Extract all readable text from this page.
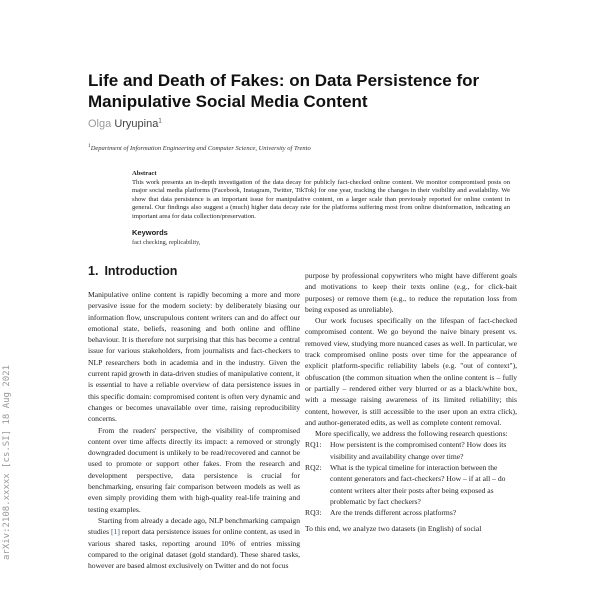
arXiv:2108.xxxxx [cs.SI] 18 Aug 2021
Life and Death of Fakes: on Data Persistence for Manipulative Social Media Content

Olga Uryupina$^1$

$^1$Department of Information Engineering and Computer Science, University of Trento

Abstract
This work presents an in-depth investigation of the data decay for publicly fact-checked online content. We monitor compromised posts on major social media platforms (Facebook, Instagram, Twitter, TikTok) for one year, tracking the changes in their visibility and availability. We show that data persistence is an important issue for manipulative content, on a larger scale than previously reported for online content in general. Our findings also suggest a (much) higher data decay rate for the platforms suffering most from online disinformation, indicating an important area for data collection/preservation.

Keywords

fact checking, replicability,

1. Introduction

Manipulative online content is rapidly becoming a more and more pervasive issue for the modern society: by deliberately biasing our information flow, unscrupulous content writers can and do affect our emotional state, beliefs, reasoning and both online and offline behaviour. It is therefore not surprising that this has become a central issue for various stakeholders, from journalists and fact-checkers to NLP researchers both in academia and in the industry. Given the current rapid growth in data-driven studies of manipulative content, it is essential to have a reliable overview of data persistence issues in this specific domain: compromised content is often very dynamic and changes or becomes unavailable over time, raising reproducibility concerns.

From the readers' perspective, the visibility of compromised content over time affects directly its impact: a removed or strongly downgraded document is unlikely to be read/recovered and cannot be used to promote or support other fakes. From the research and development perspective, data persistence is crucial for benchmarking, ensuring fair comparison between models as well as even simply providing them with high-quality real-life training and testing examples.

Starting from already a decade ago, NLP benchmarking campaign studies [1] report data persistence issues for online content, as used in various shared tasks, reporting around 10% of entries missing compared to the original dataset (gold standard). These shared tasks, however are based almost exclusively on Twitter and do not focus

purpose by professional copywriters who might have different goals and motivations to keep their texts online (e.g., for click-bait purposes) or remove them (e.g., to reduce the reputation loss from being exposed as unreliable).

Our work focuses specifically on the lifespan of fact-checked compromised content. We go beyond the naive binary present vs. removed view, studying more nuanced cases as well. In particular, we track compromised online posts over time for the appearance of explicit platform-specific reliability labels (e.g. "out of context"), obfuscation (the common situation when the online content is – fully or partially – rendered either very blurred or as a black/white box, with a message raising awareness of its limited reliability; this content, however, is still accessible to the user upon an extra click), and author-generated edits, as well as complete content removal.

More specifically, we address the following research questions:

RQ1:	How persistent is the compromised content? How does its visibility and availability change over time?
RQ2:	What is the typical timeline for interaction between the content generators and fact-checkers? How – if at all – do content writers alter their posts after being exposed as problematic by fact checkers?
RQ3:	Are the trends different across platforms?

To this end, we analyze two datasets (in English) of social
